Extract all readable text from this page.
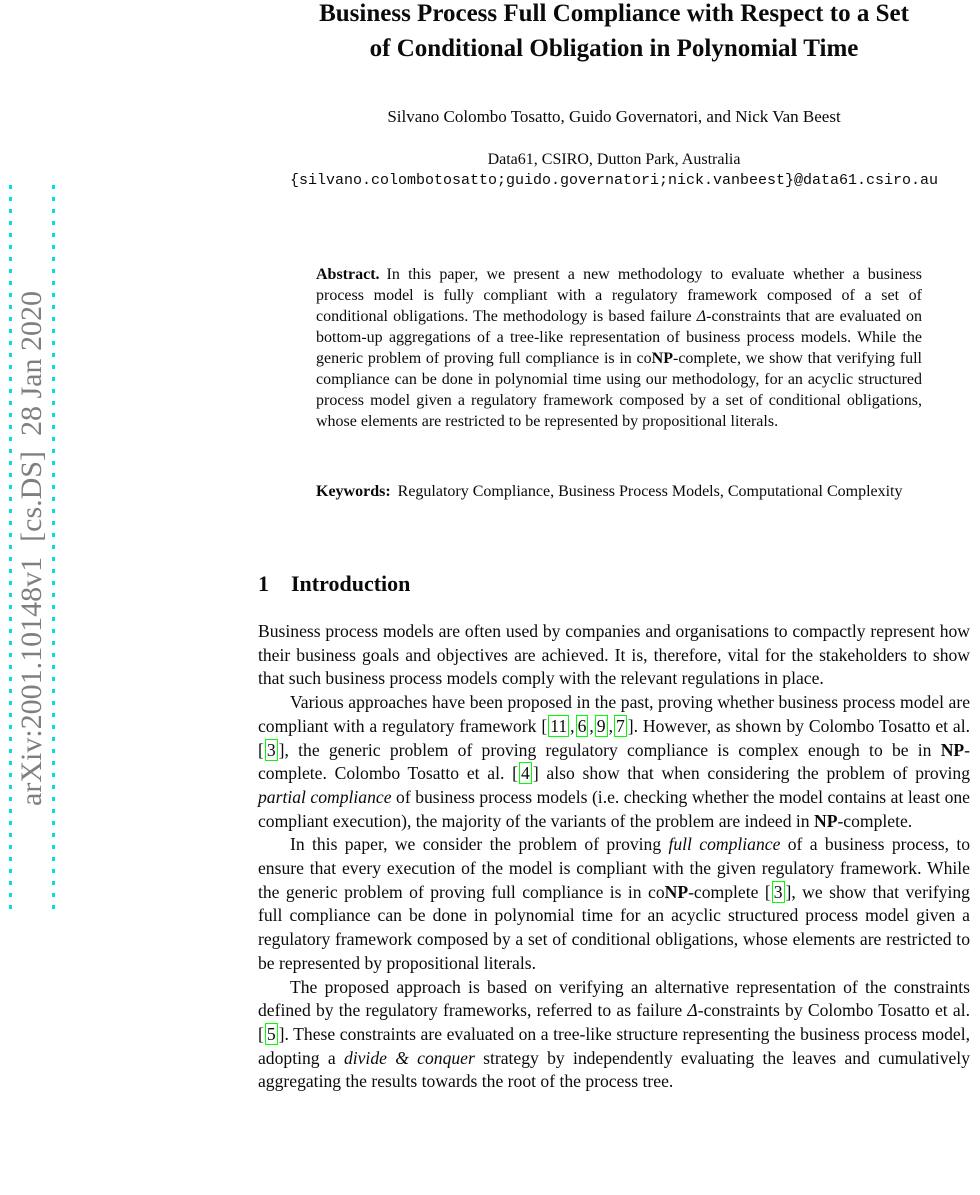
arXiv:2001.10148v1  [cs.DS]  28 Jan 2020
Business Process Full Compliance with Respect to a Set
of Conditional Obligation in Polynomial Time
Silvano Colombo Tosatto, Guido Governatori, and Nick Van Beest
Data61, CSIRO, Dutton Park, Australia
{silvano.colombotosatto;guido.governatori;nick.vanbeest}@data61.csiro.au
Abstract. In this paper, we present a new methodology to evaluate whether a business process model is fully compliant with a regulatory framework composed of a set of conditional obligations. The methodology is based failure Δ-constraints that are evaluated on bottom-up aggregations of a tree-like representation of business process models. While the generic problem of proving full compliance is in coNP-complete, we show that verifying full compliance can be done in polynomial time using our methodology, for an acyclic structured process model given a regulatory framework composed by a set of conditional obligations, whose elements are restricted to be represented by propositional literals.
Keywords: Regulatory Compliance, Business Process Models, Computational Complexity
1 Introduction

Business process models are often used by companies and organisations to compactly represent how their business goals and objectives are achieved. It is, therefore, vital for the stakeholders to show that such business process models comply with the relevant regulations in place.

Various approaches have been proposed in the past, proving whether business process model are compliant with a regulatory framework [ 11 , 6 , 9 , 7 ]. However, as shown by Colombo Tosatto et al. [ 3 ], the generic problem of proving regulatory compliance is complex enough to be in NP-complete. Colombo Tosatto et al. [ 4 ] also show that when considering the problem of proving partial compliance of business process models (i.e. checking whether the model contains at least one compliant execution), the majority of the variants of the problem are indeed in NP-complete.

In this paper, we consider the problem of proving full compliance of a business process, to ensure that every execution of the model is compliant with the given regulatory framework. While the generic problem of proving full compliance is in coNP-complete [ 3 ], we show that verifying full compliance can be done in polynomial time for an acyclic structured process model given a regulatory framework composed by a set of conditional obligations, whose elements are restricted to be represented by propositional literals.

The proposed approach is based on verifying an alternative representation of the constraints defined by the regulatory frameworks, referred to as failure Δ-constraints by Colombo Tosatto et al. [ 5 ]. These constraints are evaluated on a tree-like structure representing the business process model, adopting a divide & conquer strategy by independently evaluating the leaves and cumulatively aggregating the results towards the root of the process tree.
